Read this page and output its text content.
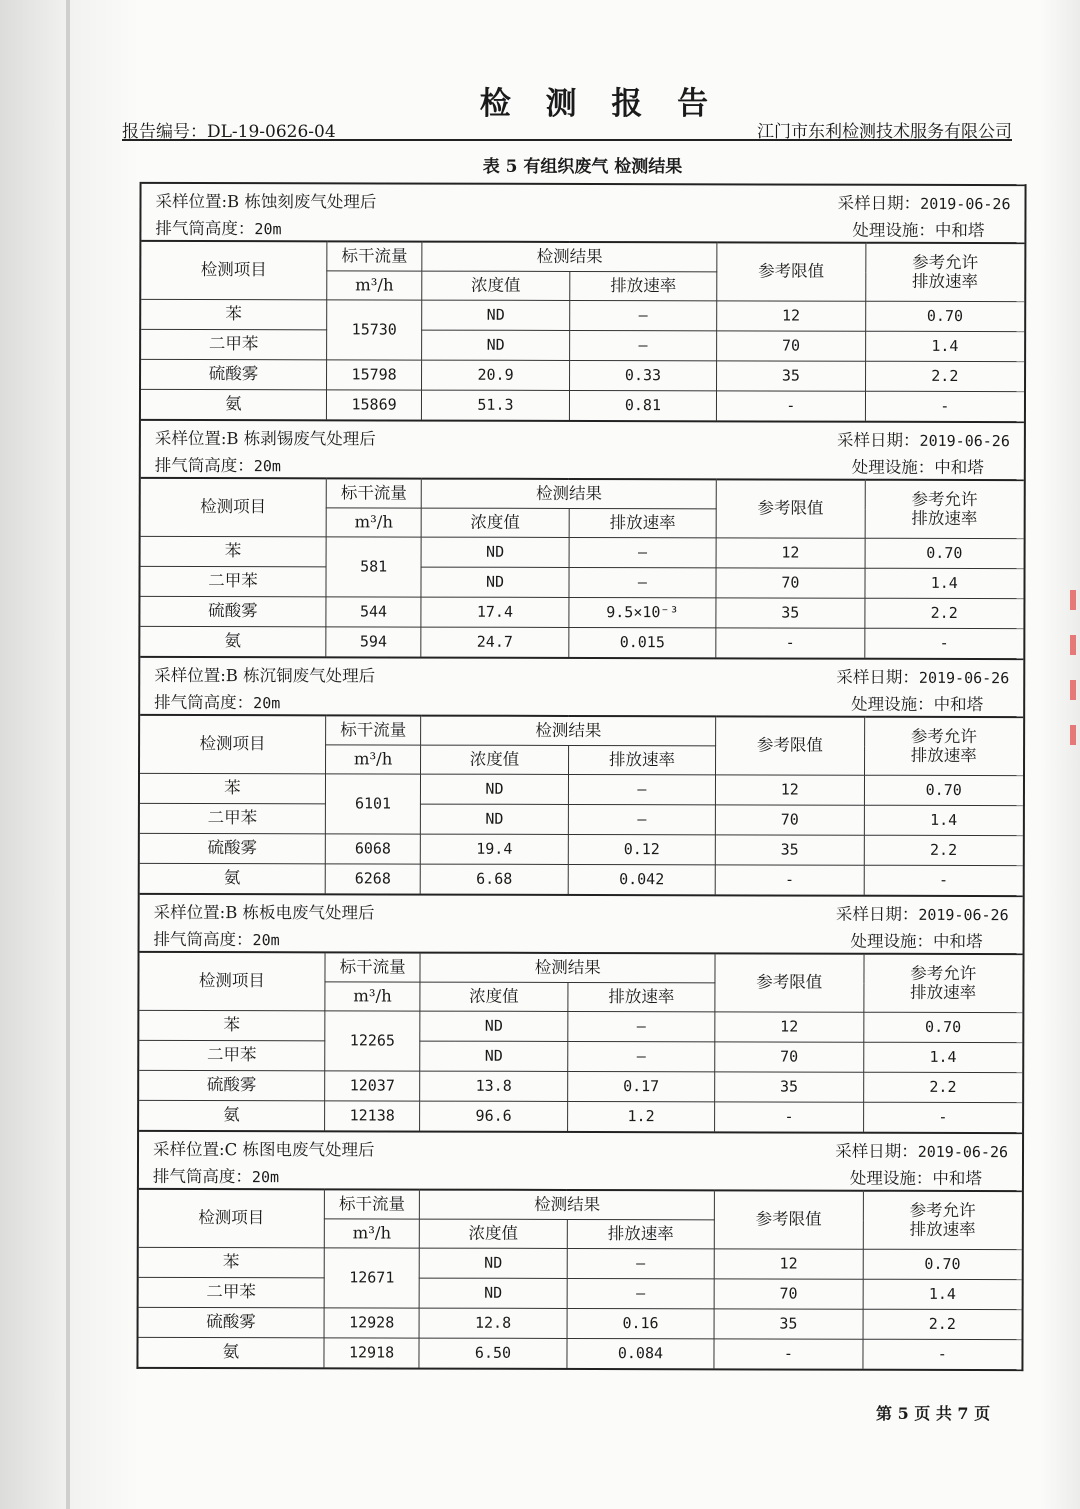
检 测 报 告
报告编号：DL-19-0626-04	江门市东利检测技术服务有限公司
表 5 有组织废气 检测结果
采样位置:B 栋蚀刻废气处理后
排气筒高度：20m
采样日期：2019-06-26
处理设施：中和塔
检测项目	标干流量	检测结果		参考限值	参考允许
排放速率
	m³/h	浓度值	排放速率		
苯	15730	ND	—	12	0.70
二甲苯		ND	—	70	1.4
硫酸雾	15798	20.9	0.33	35	2.2
氨	15869	51.3	0.81	-	-
采样位置:B 栋剥锡废气处理后
排气筒高度：20m
采样日期：2019-06-26
处理设施：中和塔
检测项目	标干流量	检测结果		参考限值	参考允许
排放速率
	m³/h	浓度值	排放速率		
苯	581	ND	—	12	0.70
二甲苯		ND	—	70	1.4
硫酸雾	544	17.4	9.5×10⁻³	35	2.2
氨	594	24.7	0.015	-	-
采样位置:B 栋沉铜废气处理后
排气筒高度：20m
采样日期：2019-06-26
处理设施：中和塔
检测项目	标干流量	检测结果		参考限值	参考允许
排放速率
	m³/h	浓度值	排放速率		
苯	6101	ND	—	12	0.70
二甲苯		ND	—	70	1.4
硫酸雾	6068	19.4	0.12	35	2.2
氨	6268	6.68	0.042	-	-
采样位置:B 栋板电废气处理后
排气筒高度：20m
采样日期：2019-06-26
处理设施：中和塔
检测项目	标干流量	检测结果		参考限值	参考允许
排放速率
	m³/h	浓度值	排放速率		
苯	12265	ND	—	12	0.70
二甲苯		ND	—	70	1.4
硫酸雾	12037	13.8	0.17	35	2.2
氨	12138	96.6	1.2	-	-
采样位置:C 栋图电废气处理后
排气筒高度：20m
采样日期：2019-06-26
处理设施：中和塔
检测项目	标干流量	检测结果		参考限值	参考允许
排放速率
	m³/h	浓度值	排放速率		
苯	12671	ND	—	12	0.70
二甲苯		ND	—	70	1.4
硫酸雾	12928	12.8	0.16	35	2.2
氨	12918	6.50	0.084	-	-
第 5 页 共 7 页
